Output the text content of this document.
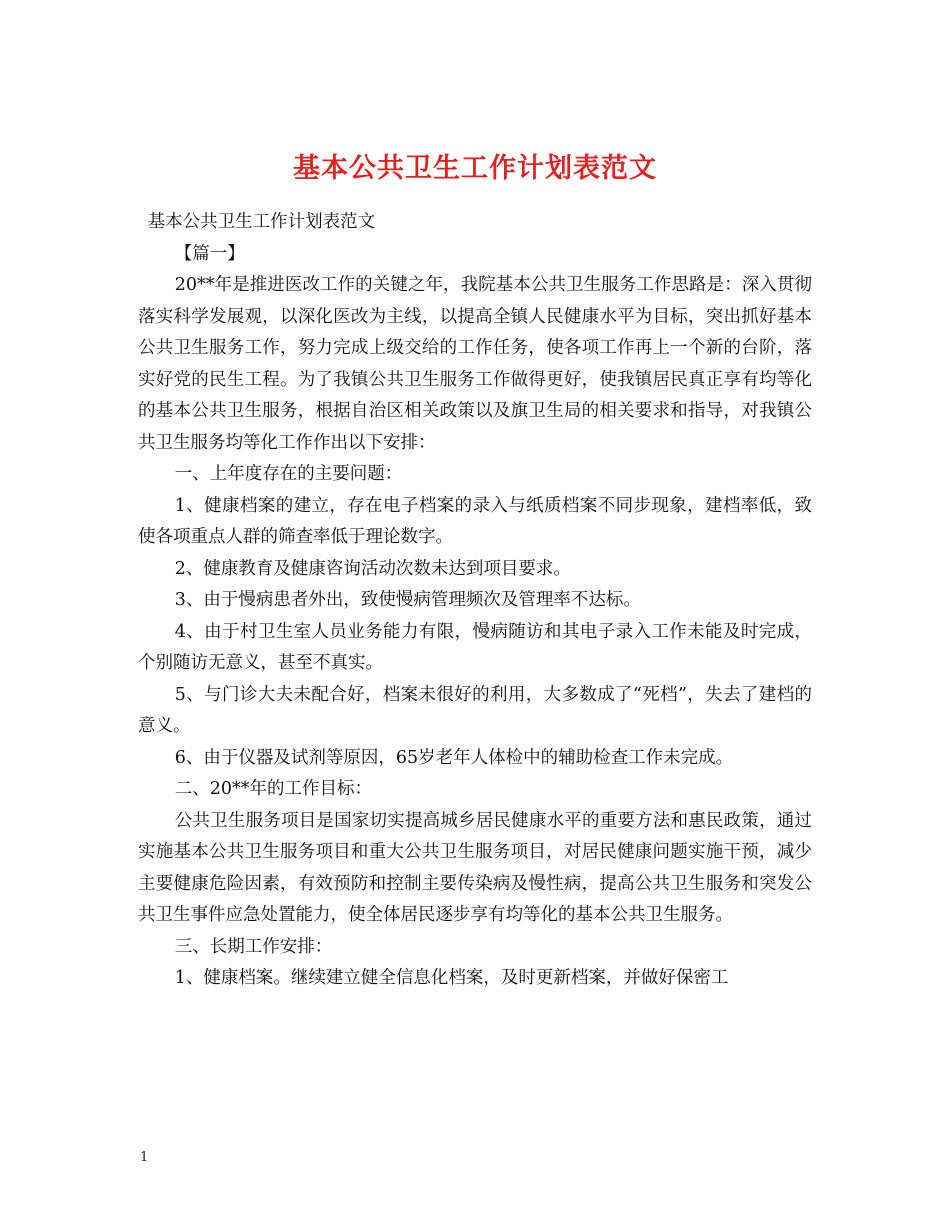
基本公共卫生工作计划表范文

基本公共卫生工作计划表范文

【篇一】

20**年是推进医改工作的关键之年，我院基本公共卫生服务工作思路是：深入贯彻落实科学发展观，以深化医改为主线，以提高全镇人民健康水平为目标，突出抓好基本公共卫生服务工作，努力完成上级交给的工作任务，使各项工作再上一个新的台阶，落实好党的民生工程。为了我镇公共卫生服务工作做得更好，使我镇居民真正享有均等化的基本公共卫生服务，根据自治区相关政策以及旗卫生局的相关要求和指导，对我镇公共卫生服务均等化工作作出以下安排：

一、上年度存在的主要问题：

1、健康档案的建立，存在电子档案的录入与纸质档案不同步现象，建档率低，致使各项重点人群的筛查率低于理论数字。

2、健康教育及健康咨询活动次数未达到项目要求。

3、由于慢病患者外出，致使慢病管理频次及管理率不达标。

4、由于村卫生室人员业务能力有限，慢病随访和其电子录入工作未能及时完成，个别随访无意义，甚至不真实。

5、与门诊大夫未配合好，档案未很好的利用，大多数成了“死档”，失去了建档的意义。

6、由于仪器及试剂等原因，65岁老年人体检中的辅助检查工作未完成。

二、20**年的工作目标：

公共卫生服务项目是国家切实提高城乡居民健康水平的重要方法和惠民政策，通过实施基本公共卫生服务项目和重大公共卫生服务项目，对居民健康问题实施干预，减少主要健康危险因素，有效预防和控制主要传染病及慢性病，提高公共卫生服务和突发公共卫生事件应急处置能力，使全体居民逐步享有均等化的基本公共卫生服务。

三、长期工作安排：

1、健康档案。继续建立健全信息化档案，及时更新档案，并做好保密工

1
